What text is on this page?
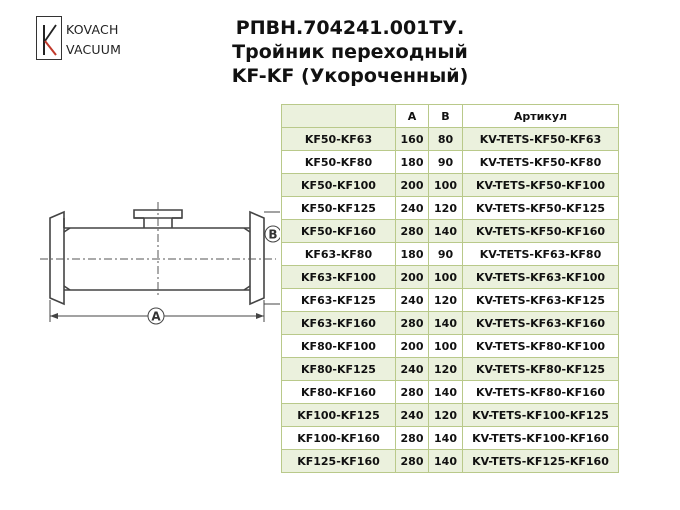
KOVACH
VACUUM
РПВН.704241.001ТУ.
Тройник переходный
KF-KF (Укороченный)
A
B
	A	B	Артикул
KF50-KF63	160	80	KV-TETS-KF50-KF63
KF50-KF80	180	90	KV-TETS-KF50-KF80
KF50-KF100	200	100	KV-TETS-KF50-KF100
KF50-KF125	240	120	KV-TETS-KF50-KF125
KF50-KF160	280	140	KV-TETS-KF50-KF160
KF63-KF80	180	90	KV-TETS-KF63-KF80
KF63-KF100	200	100	KV-TETS-KF63-KF100
KF63-KF125	240	120	KV-TETS-KF63-KF125
KF63-KF160	280	140	KV-TETS-KF63-KF160
KF80-KF100	200	100	KV-TETS-KF80-KF100
KF80-KF125	240	120	KV-TETS-KF80-KF125
KF80-KF160	280	140	KV-TETS-KF80-KF160
KF100-KF125	240	120	KV-TETS-KF100-KF125
KF100-KF160	280	140	KV-TETS-KF100-KF160
KF125-KF160	280	140	KV-TETS-KF125-KF160
